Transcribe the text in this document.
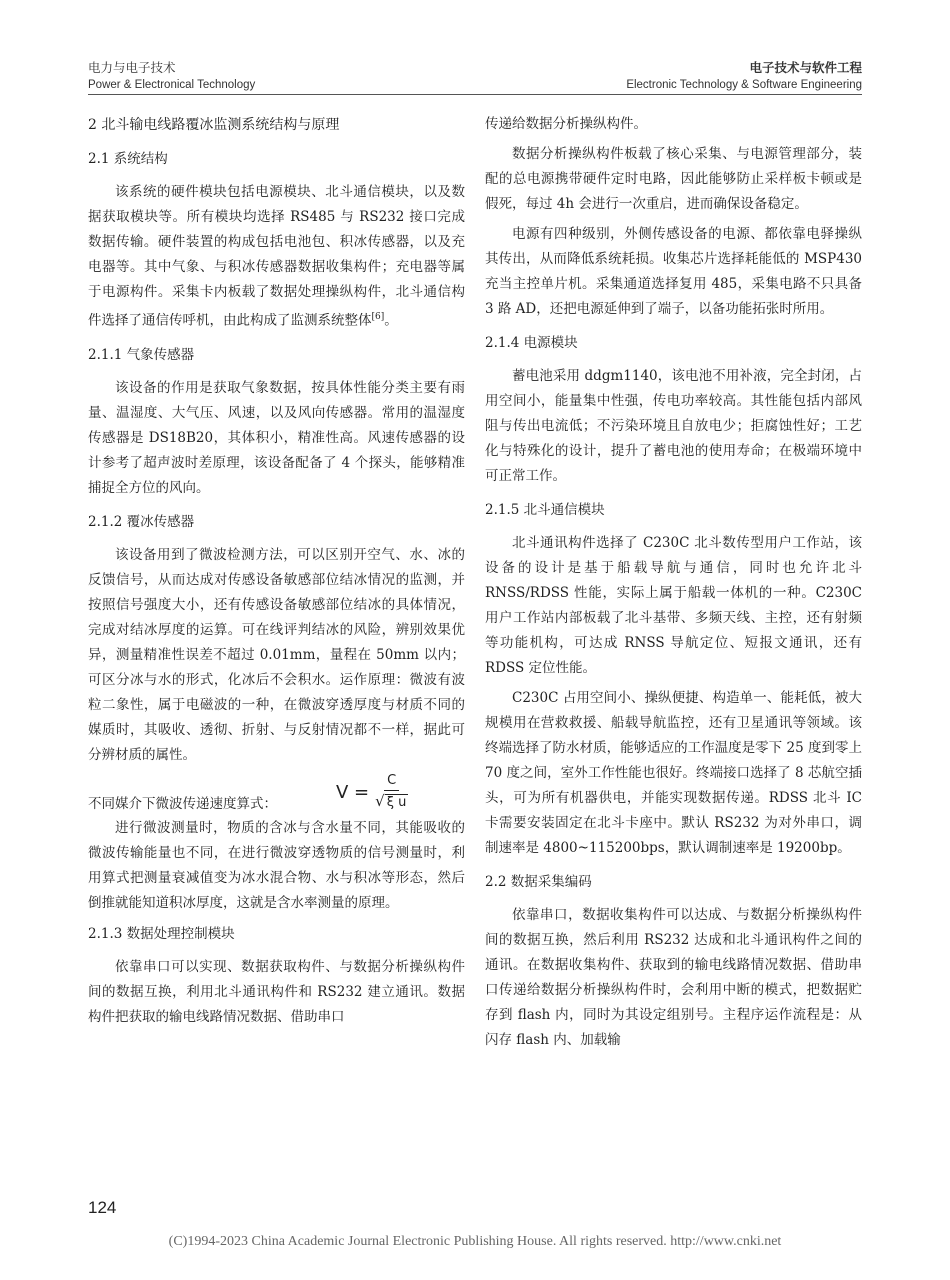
电力与电子技术
Power & Electronical Technology
电子技术与软件工程
Electronic Technology & Software Engineering
2 北斗输电线路覆冰监测系统结构与原理
2.1 系统结构

该系统的硬件模块包括电源模块、北斗通信模块，以及数据获取模块等。所有模块均选择 RS485 与 RS232 接口完成数据传输。硬件装置的构成包括电池包、积冰传感器，以及充电器等。其中气象、与积冰传感器数据收集构件；充电器等属于电源构件。采集卡内板载了数据处理操纵构件，北斗通信构件选择了通信传呼机，由此构成了监测系统整体[6]。

2.1.1 气象传感器

该设备的作用是获取气象数据，按具体性能分类主要有雨量、温湿度、大气压、风速，以及风向传感器。常用的温湿度传感器是 DS18B20，其体积小，精准性高。风速传感器的设计参考了超声波时差原理，该设备配备了 4 个探头，能够精准捕捉全方位的风向。

2.1.2 覆冰传感器

该设备用到了微波检测方法，可以区别开空气、水、冰的反馈信号，从而达成对传感设备敏感部位结冰情况的监测，并按照信号强度大小，还有传感设备敏感部位结冰的具体情况，完成对结冰厚度的运算。可在线评判结冰的风险，辨别效果优异，测量精准性误差不超过 0.01mm，量程在 50mm 以内；可区分冰与水的形式，化冰后不会积水。运作原理：微波有波粒二象性，属于电磁波的一种，在微波穿透厚度与材质不同的媒质时，其吸收、透彻、折射、与反射情况都不一样，据此可分辨材质的属性。

不同媒介下微波传递速度算式：
$V = \frac{C}{\text{√ ξ u}}$

进行微波测量时，物质的含冰与含水量不同，其能吸收的微波传输能量也不同，在进行微波穿透物质的信号测量时，利用算式把测量衰减值变为冰水混合物、水与积冰等形态，然后倒推就能知道积冰厚度，这就是含水率测量的原理。

2.1.3 数据处理控制模块

依靠串口可以实现、数据获取构件、与数据分析操纵构件间的数据互换，利用北斗通讯构件和 RS232 建立通讯。数据构件把获取的输电线路情况数据、借助串口

传递给数据分析操纵构件。

数据分析操纵构件板载了核心采集、与电源管理部分，装配的总电源携带硬件定时电路，因此能够防止采样板卡顿或是假死，每过 4h 会进行一次重启，进而确保设备稳定。

电源有四种级别，外侧传感设备的电源、都依靠电驿操纵其传出，从而降低系统耗损。收集芯片选择耗能低的 MSP430 充当主控单片机。采集通道选择复用 485，采集电路不只具备 3 路 AD，还把电源延伸到了端子，以备功能拓张时所用。

2.1.4 电源模块

蓄电池采用 ddgm1140，该电池不用补液，完全封闭，占用空间小，能量集中性强，传电功率较高。其性能包括内部风阻与传出电流低；不污染环境且自放电少；拒腐蚀性好；工艺化与特殊化的设计，提升了蓄电池的使用寿命；在极端环境中可正常工作。

2.1.5 北斗通信模块

北斗通讯构件选择了 C230C 北斗数传型用户工作站，该设备的设计是基于船载导航与通信，同时也允许北斗 RNSS/RDSS 性能，实际上属于船载一体机的一种。C230C 用户工作站内部板载了北斗基带、多频天线、主控，还有射频等功能机构，可达成 RNSS 导航定位、短报文通讯，还有 RDSS 定位性能。

C230C 占用空间小、操纵便捷、构造单一、能耗低，被大规模用在营救救援、船载导航监控，还有卫星通讯等领域。该终端选择了防水材质，能够适应的工作温度是零下 25 度到零上 70 度之间，室外工作性能也很好。终端接口选择了 8 芯航空插头，可为所有机器供电，并能实现数据传递。RDSS 北斗 IC 卡需要安装固定在北斗卡座中。默认 RS232 为对外串口，调制速率是 4800~115200bps，默认调制速率是 19200bp。

2.2 数据采集编码

依靠串口，数据收集构件可以达成、与数据分析操纵构件间的数据互换，然后利用 RS232 达成和北斗通讯构件之间的通讯。在数据收集构件、获取到的输电线路情况数据、借助串口传递给数据分析操纵构件时，会利用中断的模式，把数据贮存到 flash 内，同时为其设定组别号。主程序运作流程是：从闪存 flash 内、加载输

124
(C)1994-2023 China Academic Journal Electronic Publishing House. All rights reserved. http://www.cnki.net
